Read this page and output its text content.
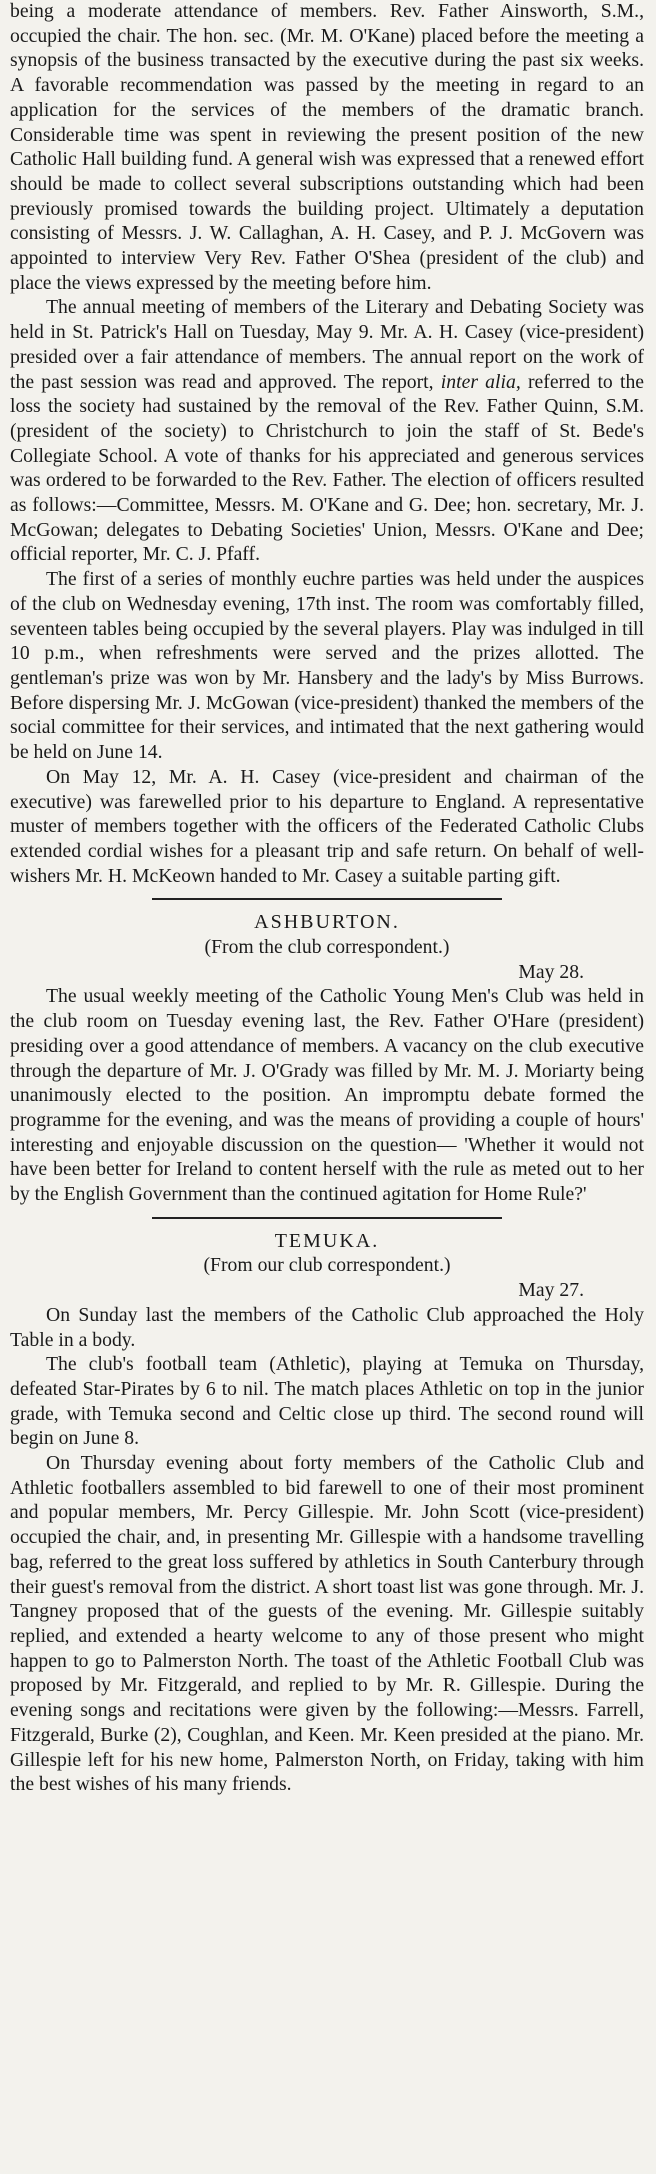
being a moderate attendance of members. Rev. Father Ainsworth, S.M., occupied the chair. The hon. sec. (Mr. M. O'Kane) placed before the meeting a synopsis of the business transacted by the executive during the past six weeks. A favorable recommendation was passed by the meeting in regard to an application for the services of the members of the dramatic branch. Considerable time was spent in reviewing the present position of the new Catholic Hall building fund. A general wish was expressed that a renewed effort should be made to collect several subscriptions outstanding which had been previously promised towards the building project. Ultimately a deputation consisting of Messrs. J. W. Callaghan, A. H. Casey, and P. J. McGovern was appointed to interview Very Rev. Father O'Shea (president of the club) and place the views expressed by the meeting before him.

The annual meeting of members of the Literary and Debating Society was held in St. Patrick's Hall on Tuesday, May 9. Mr. A. H. Casey (vice-president) presided over a fair attendance of members. The annual report on the work of the past session was read and approved. The report, inter alia, referred to the loss the society had sustained by the removal of the Rev. Father Quinn, S.M. (president of the society) to Christchurch to join the staff of St. Bede's Collegiate School. A vote of thanks for his appreciated and generous services was ordered to be forwarded to the Rev. Father. The election of officers resulted as follows:—Committee, Messrs. M. O'Kane and G. Dee; hon. secretary, Mr. J. McGowan; delegates to Debating Societies' Union, Messrs. O'Kane and Dee; official reporter, Mr. C. J. Pfaff.

The first of a series of monthly euchre parties was held under the auspices of the club on Wednesday evening, 17th inst. The room was comfortably filled, seventeen tables being occupied by the several players. Play was indulged in till 10 p.m., when refreshments were served and the prizes allotted. The gentleman's prize was won by Mr. Hansbery and the lady's by Miss Burrows. Before dispersing Mr. J. McGowan (vice-president) thanked the members of the social committee for their services, and intimated that the next gathering would be held on June 14.

On May 12, Mr. A. H. Casey (vice-president and chairman of the executive) was farewelled prior to his departure to England. A representative muster of members together with the officers of the Federated Catholic Clubs extended cordial wishes for a pleasant trip and safe return. On behalf of well-wishers Mr. H. McKeown handed to Mr. Casey a suitable parting gift.

ASHBURTON.

(From the club correspondent.)

May 28.

The usual weekly meeting of the Catholic Young Men's Club was held in the club room on Tuesday evening last, the Rev. Father O'Hare (president) presiding over a good attendance of members. A vacancy on the club executive through the departure of Mr. J. O'Grady was filled by Mr. M. J. Moriarty being unanimously elected to the position. An impromptu debate formed the programme for the evening, and was the means of providing a couple of hours' interesting and enjoyable discussion on the question— 'Whether it would not have been better for Ireland to content herself with the rule as meted out to her by the English Government than the continued agitation for Home Rule?'

TEMUKA.

(From our club correspondent.)

May 27.

On Sunday last the members of the Catholic Club approached the Holy Table in a body.

The club's football team (Athletic), playing at Temuka on Thursday, defeated Star-Pirates by 6 to nil. The match places Athletic on top in the junior grade, with Temuka second and Celtic close up third. The second round will begin on June 8.

On Thursday evening about forty members of the Catholic Club and Athletic footballers assembled to bid farewell to one of their most prominent and popular members, Mr. Percy Gillespie. Mr. John Scott (vice-president) occupied the chair, and, in presenting Mr. Gillespie with a handsome travelling bag, referred to the great loss suffered by athletics in South Canterbury through their guest's removal from the district. A short toast list was gone through. Mr. J. Tangney proposed that of the guests of the evening. Mr. Gillespie suitably replied, and extended a hearty welcome to any of those present who might happen to go to Palmerston North. The toast of the Athletic Football Club was proposed by Mr. Fitzgerald, and replied to by Mr. R. Gillespie. During the evening songs and recitations were given by the following:—Messrs. Farrell, Fitzgerald, Burke (2), Coughlan, and Keen. Mr. Keen presided at the piano. Mr. Gillespie left for his new home, Palmerston North, on Friday, taking with him the best wishes of his many friends.
